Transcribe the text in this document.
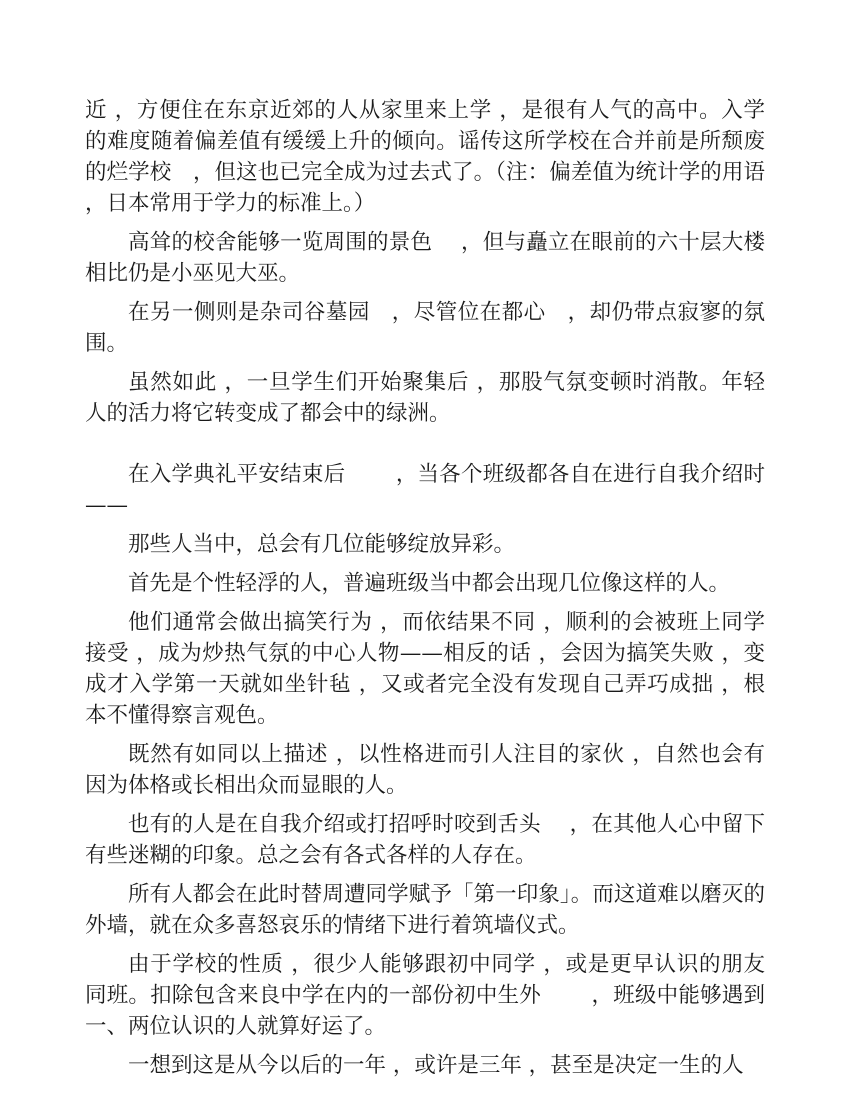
近 ，方便住在东京近郊的人从家里来上学 ，是很有人气的高中。入学的难度随着偏差值有缓缓上升的倾向。谣传这所学校在合并前是所颓废的烂学校　，但这也已完全成为过去式了。（注：偏差值为统计学的用语 ，日本常用于学力的标准上。）

高耸的校舍能够一览周围的景色　 ，但与矗立在眼前的六十层大楼相比仍是小巫见大巫。

在另一侧则是杂司谷墓园　，尽管位在都心　，却仍带点寂寥的氛围。

虽然如此 ，一旦学生们开始聚集后 ，那股气氛变顿时消散。年轻人的活力将它转变成了都会中的绿洲。

在入学典礼平安结束后　　 ，当各个班级都各自在进行自我介绍时——

那些人当中，总会有几位能够绽放异彩。

首先是个性轻浮的人，普遍班级当中都会出现几位像这样的人。

他们通常会做出搞笑行为 ，而依结果不同 ，顺利的会被班上同学接受 ，成为炒热气氛的中心人物——相反的话 ，会因为搞笑失败 ，变成才入学第一天就如坐针毡 ，又或者完全没有发现自己弄巧成拙 ，根本不懂得察言观色。

既然有如同以上描述 ，以性格进而引人注目的家伙 ，自然也会有因为体格或长相出众而显眼的人。

也有的人是在自我介绍或打招呼时咬到舌头　 ，在其他人心中留下有些迷糊的印象。总之会有各式各样的人存在。

所有人都会在此时替周遭同学赋予「第一印象」。而这道难以磨灭的外墙，就在众多喜怒哀乐的情绪下进行着筑墙仪式。

由于学校的性质 ，很少人能够跟初中同学 ，或是更早认识的朋友同班。扣除包含来良中学在内的一部份初中生外　　 ，班级中能够遇到一、两位认识的人就算好运了。

一想到这是从今以后的一年 ，或许是三年 ，甚至是决定一生的人
